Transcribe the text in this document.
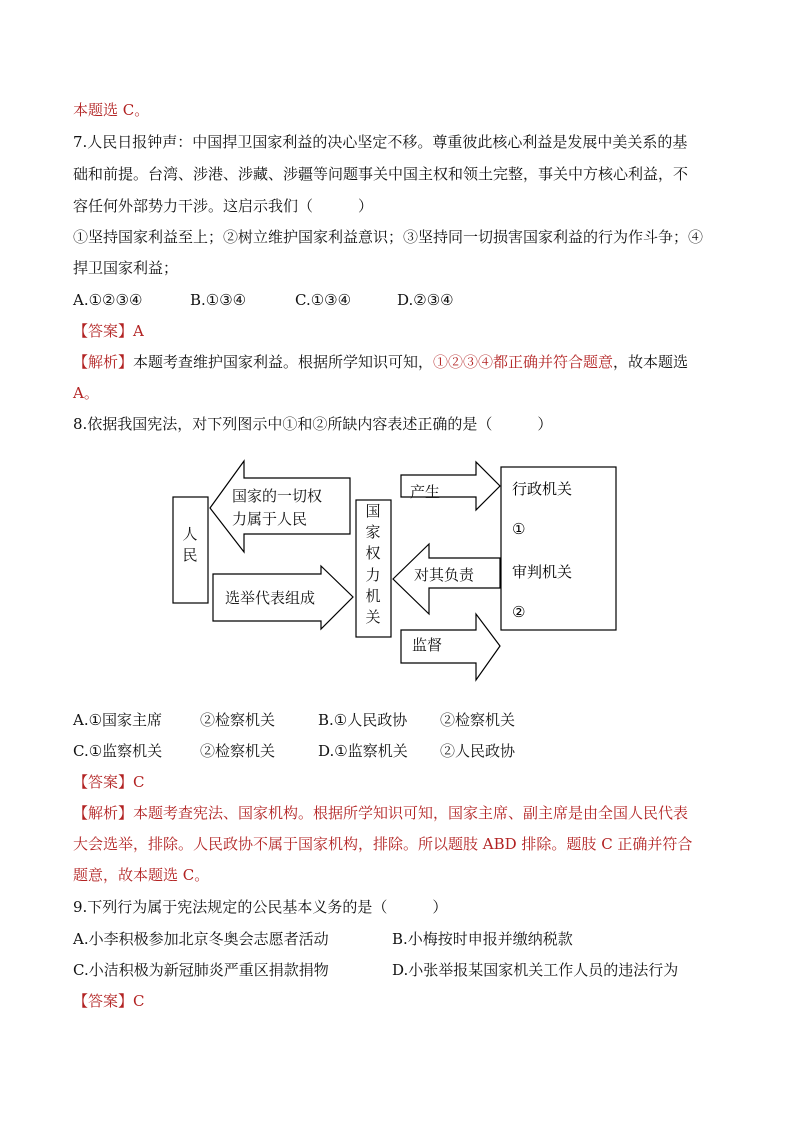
本题选 C。
7.人民日报钟声：中国捍卫国家利益的决心坚定不移。尊重彼此核心利益是发展中美关系的基
础和前提。台湾、涉港、涉藏、涉疆等问题事关中国主权和领土完整，事关中方核心利益，不
容任何外部势力干涉。这启示我们（　　　）
①坚持国家利益至上；②树立维护国家利益意识；③坚持同一切损害国家利益的行为作斗争；④
捍卫国家利益；
A.①②③④	B.①③④	C.①③④	D.②③④
【答案】A
【解析】本题考查维护国家利益。根据所学知识可知，①②③④都正确并符合题意，故本题选
A。
8.依据我国宪法，对下列图示中①和②所缺内容表述正确的是（　　　）
人
民
国家的一切权
力属于人民
选举代表组成
国
家
权
力
机
关
产生
对其负责
监督
行政机关
①
审判机关
②
A.①国家主席	②检察机关	B.①人民政协 ②检察机关
C.①监察机关	②检察机关	D.①监察机关 ②人民政协
【答案】C
【解析】本题考查宪法、国家机构。根据所学知识可知，国家主席、副主席是由全国人民代表
大会选举，排除。人民政协不属于国家机构，排除。所以题肢 ABD 排除。题肢 C 正确并符合
题意，故本题选 C。
9.下列行为属于宪法规定的公民基本义务的是（　　　）
A.小李积极参加北京冬奥会志愿者活动	B.小梅按时申报并缴纳税款
C.小洁积极为新冠肺炎严重区捐款捐物	D.小张举报某国家机关工作人员的违法行为
【答案】C
